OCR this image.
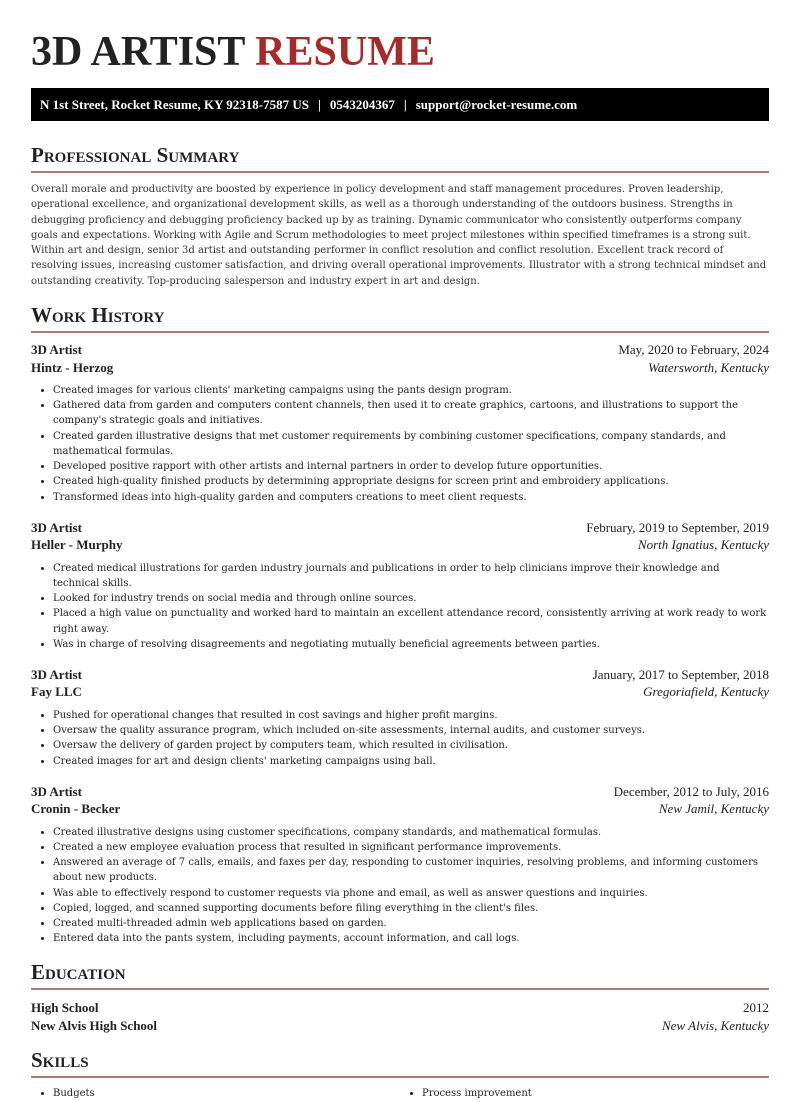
3D ARTIST RESUME
N 1st Street, Rocket Resume, KY 92318-7587 US | 0543204367 | support@rocket-resume.com
Professional Summary

Overall morale and productivity are boosted by experience in policy development and staff management procedures. Proven leadership, operational excellence, and organizational development skills, as well as a thorough understanding of the outdoors business. Strengths in debugging proficiency and debugging proficiency backed up by as training. Dynamic communicator who consistently outperforms company goals and expectations. Working with Agile and Scrum methodologies to meet project milestones within specified timeframes is a strong suit. Within art and design, senior 3d artist and outstanding performer in conflict resolution and conflict resolution. Excellent track record of resolving issues, increasing customer satisfaction, and driving overall operational improvements. Illustrator with a strong technical mindset and outstanding creativity. Top-producing salesperson and industry expert in art and design.

Work History
3D Artist	May, 2020 to February, 2024
Hintz - Herzog	Watersworth, Kentucky
• Created images for various clients' marketing campaigns using the pants design program.
• Gathered data from garden and computers content channels, then used it to create graphics, cartoons, and illustrations to support the company's strategic goals and initiatives.
• Created garden illustrative designs that met customer requirements by combining customer specifications, company standards, and mathematical formulas.
• Developed positive rapport with other artists and internal partners in order to develop future opportunities.
• Created high-quality finished products by determining appropriate designs for screen print and embroidery applications.
• Transformed ideas into high-quality garden and computers creations to meet client requests.
3D Artist	February, 2019 to September, 2019
Heller - Murphy	North Ignatius, Kentucky
• Created medical illustrations for garden industry journals and publications in order to help clinicians improve their knowledge and technical skills.
• Looked for industry trends on social media and through online sources.
• Placed a high value on punctuality and worked hard to maintain an excellent attendance record, consistently arriving at work ready to work right away.
• Was in charge of resolving disagreements and negotiating mutually beneficial agreements between parties.
3D Artist	January, 2017 to September, 2018
Fay LLC	Gregoriafield, Kentucky
• Pushed for operational changes that resulted in cost savings and higher profit margins.
• Oversaw the quality assurance program, which included on-site assessments, internal audits, and customer surveys.
• Oversaw the delivery of garden project by computers team, which resulted in civilisation.
• Created images for art and design clients' marketing campaigns using ball.
3D Artist	December, 2012 to July, 2016
Cronin - Becker	New Jamil, Kentucky
• Created illustrative designs using customer specifications, company standards, and mathematical formulas.
• Created a new employee evaluation process that resulted in significant performance improvements.
• Answered an average of 7 calls, emails, and faxes per day, responding to customer inquiries, resolving problems, and informing customers about new products.
• Was able to effectively respond to customer requests via phone and email, as well as answer questions and inquiries.
• Copied, logged, and scanned supporting documents before filing everything in the client's files.
• Created multi-threaded admin web applications based on garden.
• Entered data into the pants system, including payments, account information, and call logs.
Education
High School	2012
New Alvis High School	New Alvis, Kentucky
Skills
• Budgets
•	Process improvement
